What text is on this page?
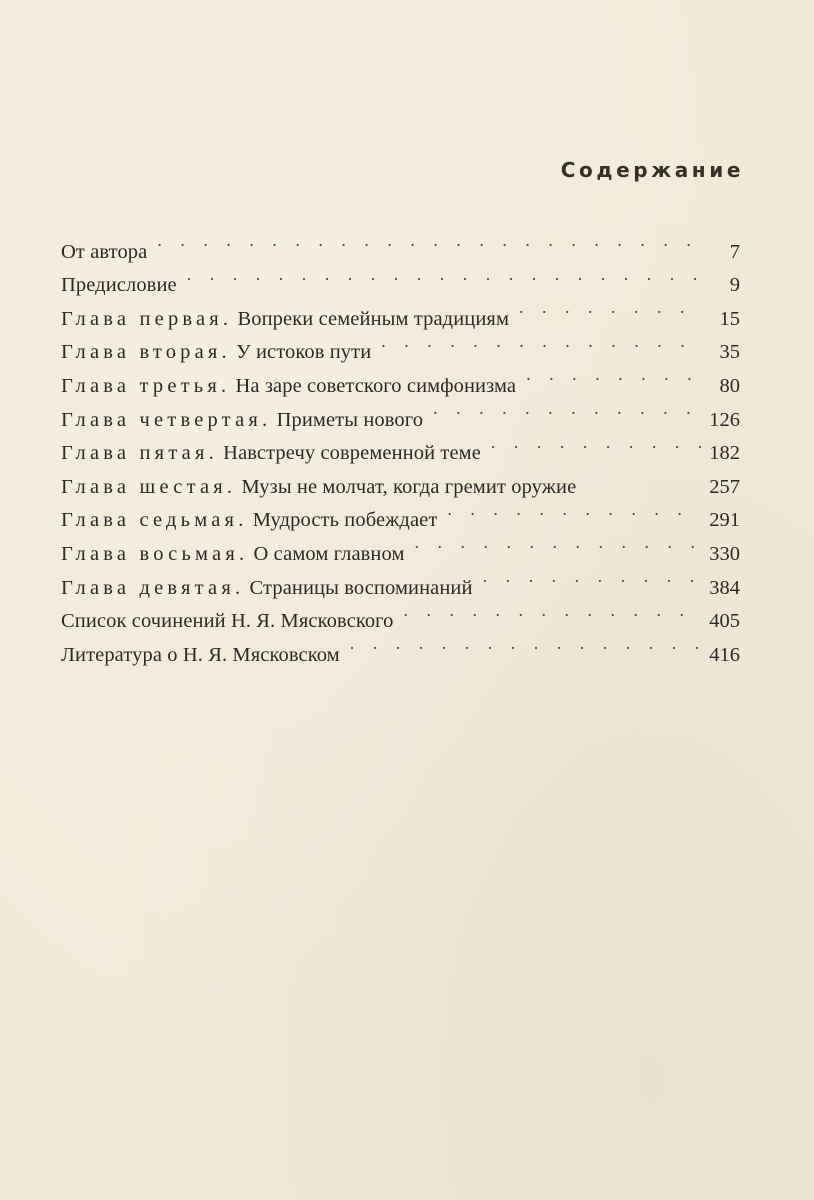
Содержание
От автора . . .	7
Предисловие . . .	9
Глава первая. Вопреки семейным традициям . . .	15
Глава вторая. У истоков пути . . .	35
Глава третья. На заре советского симфонизма . . .	80
Глава четвертая. Приметы нового . . .	126
Глава пятая. Навстречу современной теме . . .	182
Глава шестая. Музы не молчат, когда гремит оружие	257
Глава седьмая. Мудрость побеждает . . .	291
Глава восьмая. О самом главном . . .	330
Глава девятая. Страницы воспоминаний . . .	384
Список сочинений Н. Я. Мясковского . . .	405
Литература о Н. Я. Мясковском . . .	416
